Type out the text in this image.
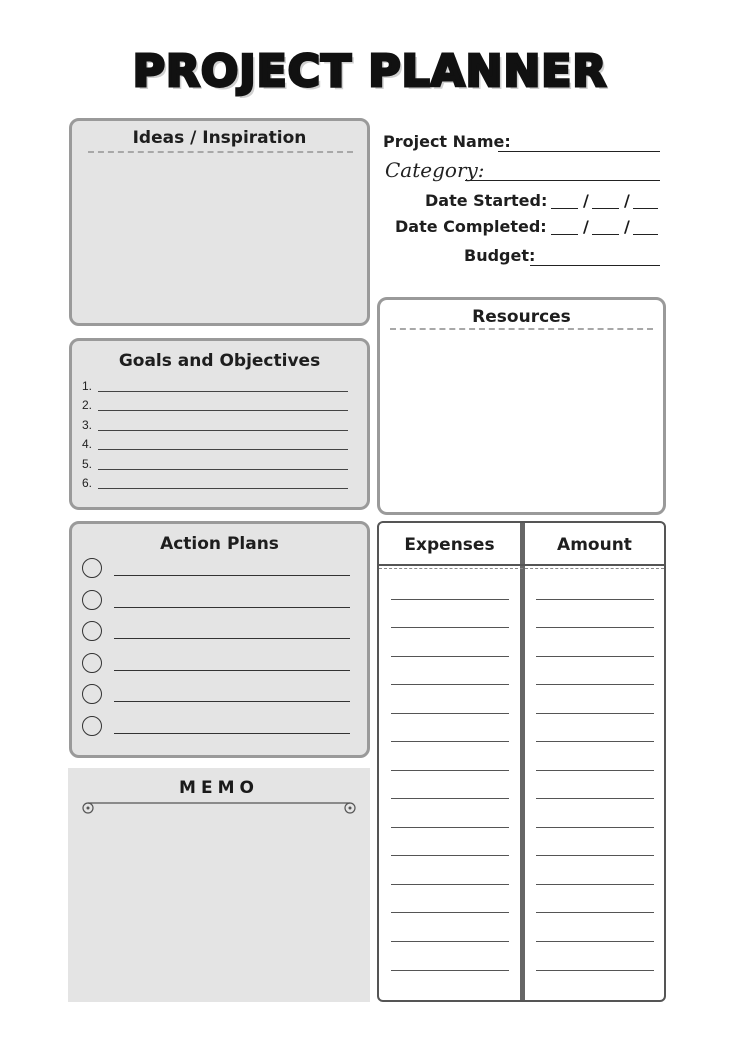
PROJECT PLANNER
Ideas / Inspiration
Goals and Objectives
1.
2.
3.
4.
5.
6.
Action Plans
MEMO
Project Name:
Category:
Date Started: / /
Date Completed: / /
Budget:
Resources
Expenses	Amount
